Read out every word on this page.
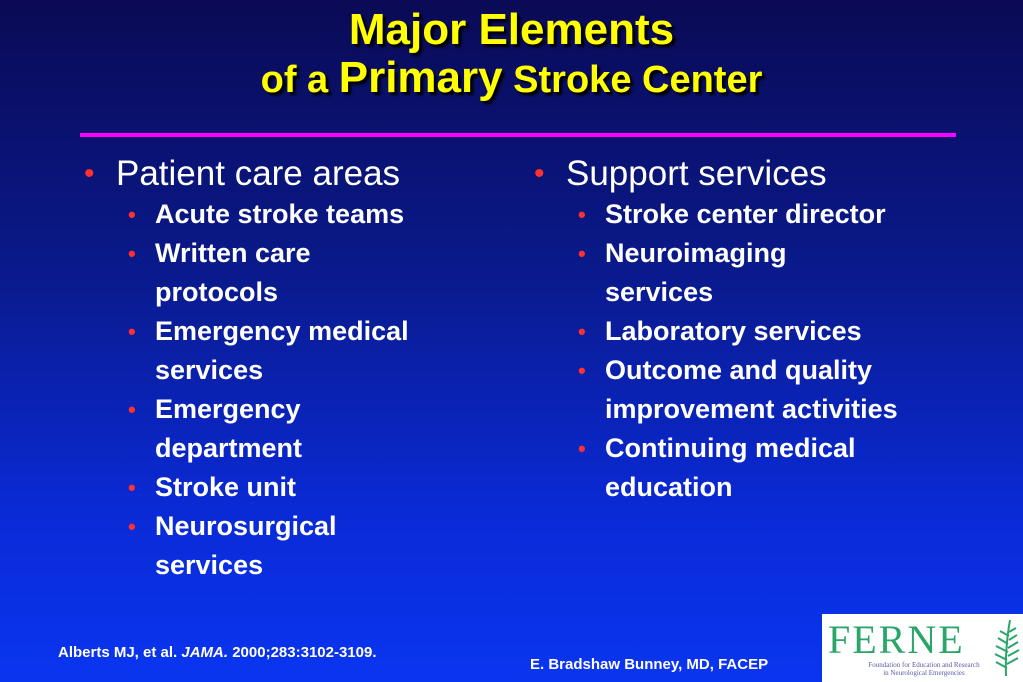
Major Elements
of a Primary Stroke Center
• Patient care areas
• Acute stroke teams
• Written care protocols
• Emergency medical services
• Emergency department
• Stroke unit
• Neurosurgical services
• Support services
• Stroke center director
• Neuroimaging services
• Laboratory services
• Outcome and quality improvement activities
• Continuing medical education
Alberts MJ, et al. JAMA. 2000;283:3102-3109.
E. Bradshaw Bunney, MD, FACEP
FERNE
Foundation for Education and Research
in Neurological Emergencies
